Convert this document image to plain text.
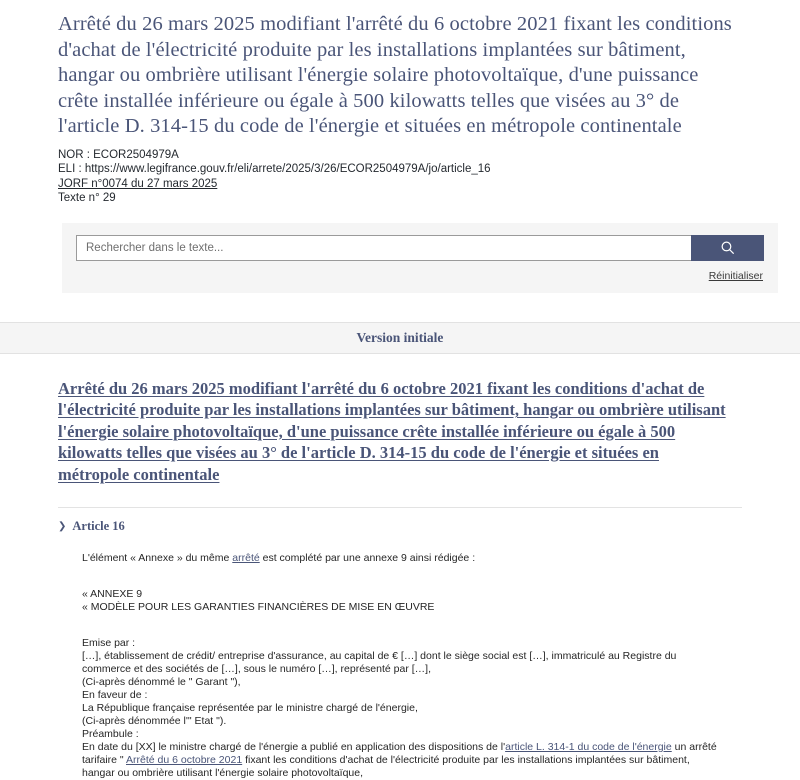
Arrêté du 26 mars 2025 modifiant l'arrêté du 6 octobre 2021 fixant les conditions d'achat de l'électricité produite par les installations implantées sur bâtiment, hangar ou ombrière utilisant l'énergie solaire photovoltaïque, d'une puissance crête installée inférieure ou égale à 500 kilowatts telles que visées au 3° de l'article D. 314-15 du code de l'énergie et situées en métropole continentale
NOR : ECOR2504979A
ELI : https://www.legifrance.gouv.fr/eli/arrete/2025/3/26/ECOR2504979A/jo/article_16
JORF n°0074 du 27 mars 2025
Texte n° 29
Rechercher dans le texte...
Réinitialiser
Version initiale
Arrêté du 26 mars 2025 modifiant l'arrêté du 6 octobre 2021 fixant les conditions d'achat de l'électricité produite par les installations implantées sur bâtiment, hangar ou ombrière utilisant l'énergie solaire photovoltaïque, d'une puissance crête installée inférieure ou égale à 500 kilowatts telles que visées au 3° de l'article D. 314-15 du code de l'énergie et situées en métropole continentale
❯ Article 16

L'élément « Annexe » du même arrêté est complété par une annexe 9 ainsi rédigée :

« ANNEXE 9

« MODÈLE POUR LES GARANTIES FINANCIÈRES DE MISE EN ŒUVRE

Emise par :

[…], établissement de crédit/ entreprise d'assurance, au capital de € […] dont le siège social est […], immatriculé au Registre du commerce et des sociétés de […], sous le numéro […], représenté par […],

(Ci-après dénommé le " Garant "),

En faveur de :

La République française représentée par le ministre chargé de l'énergie,

(Ci-après dénommée l'" Etat ").

Préambule :

En date du [XX] le ministre chargé de l'énergie a publié en application des dispositions de l'article L. 314-1 du code de l'énergie un arrêté tarifaire " Arrêté du 6 octobre 2021 fixant les conditions d'achat de l'électricité produite par les installations implantées sur bâtiment, hangar ou ombrière utilisant l'énergie solaire photovoltaïque,
